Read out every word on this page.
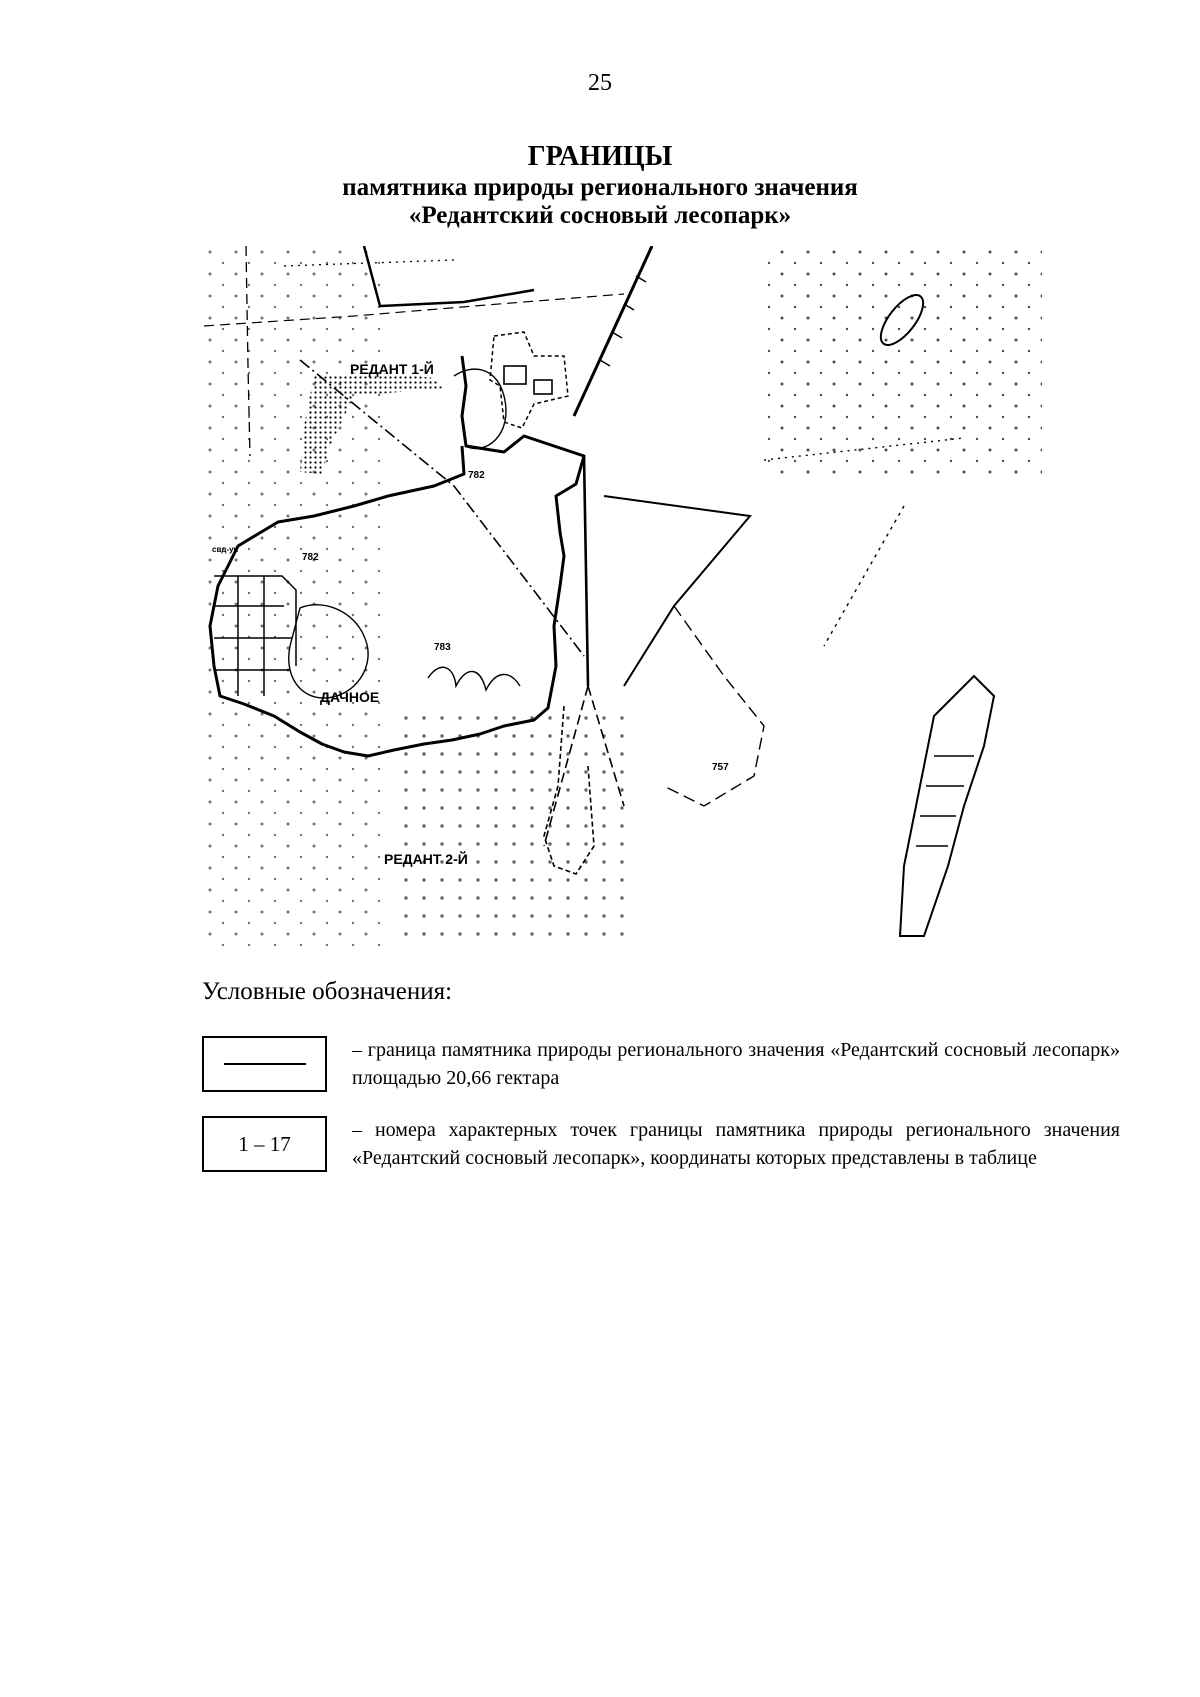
25
ГРАНИЦЫ
памятника природы регионального значения
«Редантский сосновый лесопарк»
РЕДАНТ 1-Й
782
782
свд-уч
783
ДАЧНОЕ
757
РЕДАНТ 2-Й
Условные обозначения:
– граница памятника природы регионального значения «Редантский сосновый лесопарк» площадью 20,66 гектара
1 – 17
– номера характерных точек границы памятника природы регионального значения «Редантский сосновый лесопарк», координаты которых представлены в таблице
